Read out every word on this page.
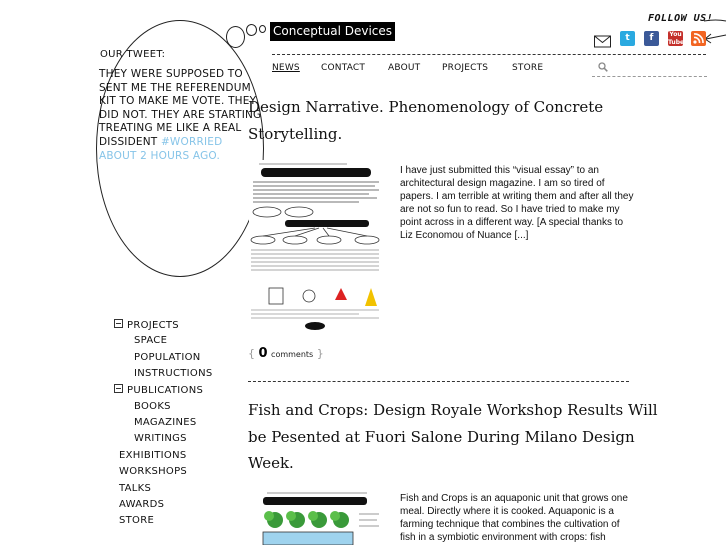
OUR TWEET:
THEY WERE SUPPOSED TO SENT ME THE REFERENDUM KIT TO MAKE ME VOTE. THEY DID NOT. THEY ARE STARTING TREATING ME LIKE A REAL DISSIDENT #WORRIED
ABOUT 2 HOURS AGO.
Conceptual Devices
NEWS CONTACT	ABOUT PROJECTS	STORE
FOLLOW US!
t	f	You
Tube
Design Narrative. Phenomenology of Concrete
Storytelling.
I have just submitted this “visual essay” to an
architectural design magazine. I am so tired of
papers. I am terrible at writing them and after all they
are not so fun to read. So I have tried to make my
point across in a different way. [A special thanks to
Liz Economou of Nuance [...]
{ 0 comments }
Fish and Crops: Design Royale Workshop Results Will
be Pesented at Fuori Salone During Milano Design
Week.
Fish and Crops is an aquaponic unit that grows one
meal. Directly where it is cooked. Aquaponic is a
farming technique that combines the cultivation of
fish in a symbiotic environment with crops: fish
PROJECTS
SPACE
POPULATION
INSTRUCTIONS
PUBLICATIONS
BOOKS
MAGAZINES
WRITINGS
EXHIBITIONS
WORKSHOPS
TALKS
AWARDS
STORE
